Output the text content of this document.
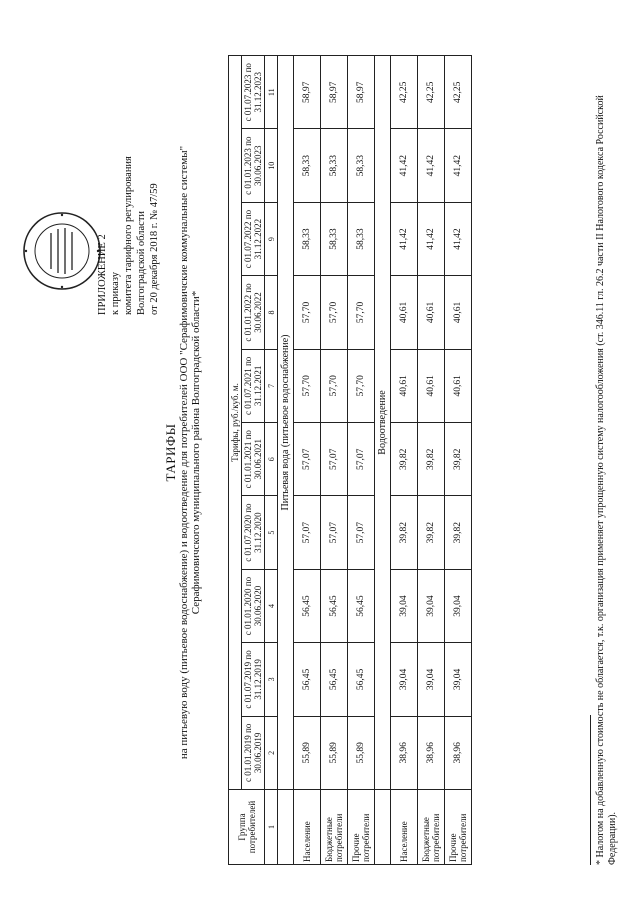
ПРИЛОЖЕНИЕ 2 к приказу комитета тарифного регулирования Волгоградской области от 20 декабря 2018 г. № 47/59
ТАРИФЫ на питьевую воду (питьевое водоснабжение) и водоотведение для потребителей ООО "Серафимовичские коммунальные системы" Серафимовичского муниципального района Волгоградской области*
Группа потребителей	Тарифы, руб./куб. м.									
	с 01.01.2019 по 30.06.2019	с 01.07.2019 по 31.12.2019	с 01.01.2020 по 30.06.2020	с 01.07.2020 по 31.12.2020	с 01.01.2021 по 30.06.2021	с 01.07.2021 по 31.12.2021	с 01.01.2022 по 30.06.2022	с 01.07.2022 по 31.12.2022	с 01.01.2023 по 30.06.2023	с 01.07.2023 по 31.12.2023
1	2	3	4	5	6	7	8	9	10	11
	Питьевая вода (питьевое водоснабжение)									
Население	55,89	56,45	56,45	57,07	57,07	57,70	57,70	58,33	58,33	58,97
Бюджетные потребители	55,89	56,45	56,45	57,07	57,07	57,70	57,70	58,33	58,33	58,97
Прочие потребители	55,89	56,45	56,45	57,07	57,07	57,70	57,70	58,33	58,33	58,97
	Водоотведение									
Население	38,96	39,04	39,04	39,82	39,82	40,61	40,61	41,42	41,42	42,25
Бюджетные потребители	38,96	39,04	39,04	39,82	39,82	40,61	40,61	41,42	41,42	42,25
Прочие потребители	38,96	39,04	39,04	39,82	39,82	40,61	40,61	41,42	41,42	42,25
* Налогом на добавленную стоимость не облагается, т.к. организация применяет упрощенную систему налогообложения (ст. 346.11 гл. 26.2 части II Налогового кодекса Российской Федерации).
